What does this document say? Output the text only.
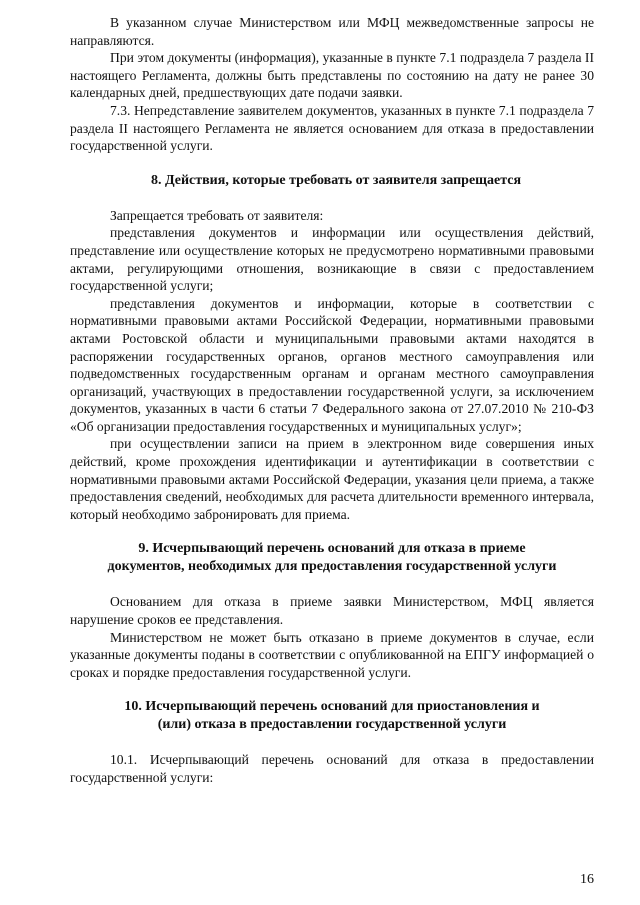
В указанном случае Министерством или МФЦ межведомственные запросы не направляются.

При этом документы (информация), указанные в пункте 7.1 подраздела 7 раздела II настоящего Регламента, должны быть представлены по состоянию на дату не ранее 30 календарных дней, предшествующих дате подачи заявки.

7.3. Непредставление заявителем документов, указанных в пункте 7.1 подраздела 7 раздела II настоящего Регламента не является основанием для отказа в предоставлении государственной услуги.

8. Действия, которые требовать от заявителя запрещается

Запрещается требовать от заявителя:

представления документов и информации или осуществления действий, представление или осуществление которых не предусмотрено нормативными правовыми актами, регулирующими отношения, возникающие в связи с предоставлением государственной услуги;

представления документов и информации, которые в соответствии с нормативными правовыми актами Российской Федерации, нормативными правовыми актами Ростовской области и муниципальными правовыми актами находятся в распоряжении государственных органов, органов местного самоуправления или подведомственных государственным органам и органам местного самоуправления организаций, участвующих в предоставлении государственной услуги, за исключением документов, указанных в части 6 статьи 7 Федерального закона от 27.07.2010 № 210-ФЗ «Об организации предоставления государственных и муниципальных услуг»;

при осуществлении записи на прием в электронном виде совершения иных действий, кроме прохождения идентификации и аутентификации в соответствии с нормативными правовыми актами Российской Федерации, указания цели приема, а также предоставления сведений, необходимых для расчета длительности временного интервала, который необходимо забронировать для приема.

9. Исчерпывающий перечень оснований для отказа в приеме
документов, необходимых для предоставления государственной услуги

Основанием для отказа в приеме заявки Министерством, МФЦ является нарушение сроков ее представления.

Министерством не может быть отказано в приеме документов в случае, если указанные документы поданы в соответствии с опубликованной на ЕПГУ информацией о сроках и порядке предоставления государственной услуги.

10. Исчерпывающий перечень оснований для приостановления и
(или) отказа в предоставлении государственной услуги

10.1. Исчерпывающий перечень оснований для отказа в предоставлении государственной услуги:

16
